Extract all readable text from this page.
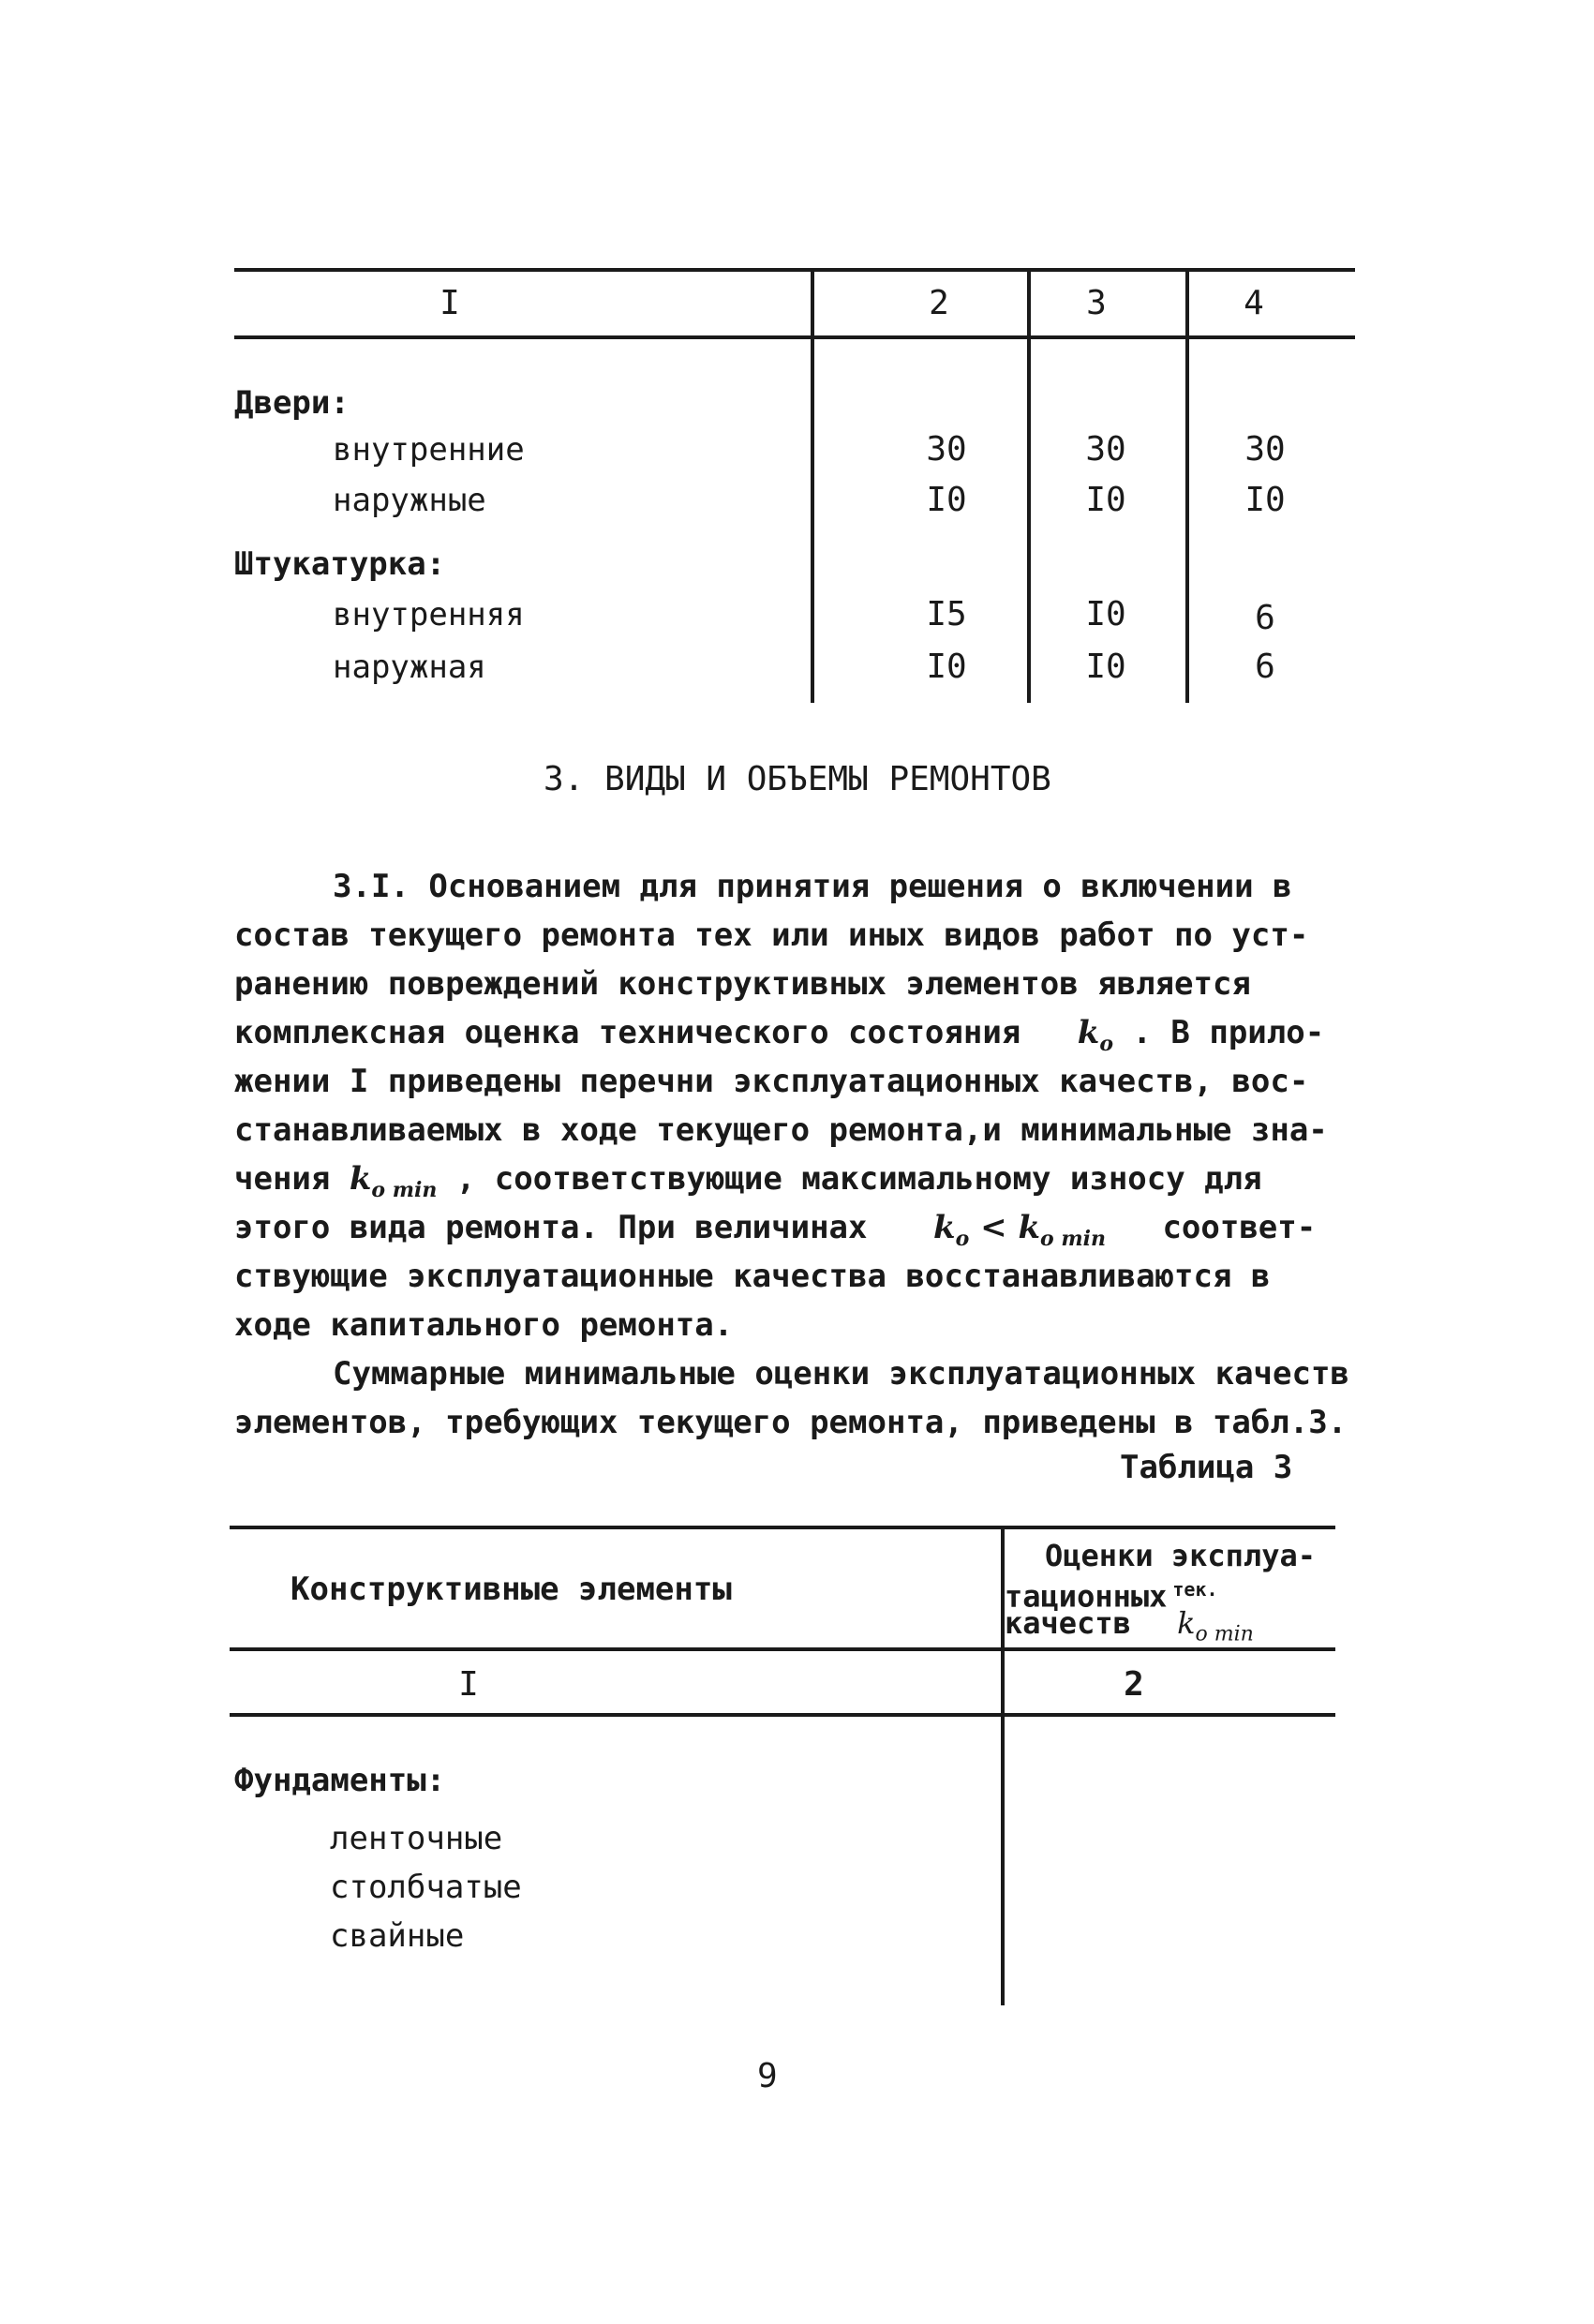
I	2	3	4
Двери:
внутренние	30	30	30
наружные	I0	I0	I0
Штукатурка:
внутренняя	I5	I0	6
наружная	I0	I0	6
3. ВИДЫ И ОБЪЕМЫ РЕМОНТОВ
3.I. Основанием для принятия решения о включении в
состав текущего ремонта тех или иных видов работ по уст-
ранению повреждений конструктивных элементов является
комплексная оценка технического состояния $k_o$ . В прило-
жении I приведены перечни эксплуатационных качеств, вос-
станавливаемых в ходе текущего ремонта,и минимальные зна-
чения $k_{o min}$ , соответствующие максимальному износу для
этого вида ремонта. При величинах $k_o < k_{o min}$ соответ-
ствующие эксплуатационные качества восстанавливаются в
ходе капитального ремонта.
Суммарные минимальные оценки эксплуатационных качеств
элементов, требующих текущего ремонта, приведены в табл.3.
Таблица 3
Конструктивные элементы
Оценки эксплуа-
тационных $^{тек.}$
качеств $k_{o min}$
I	2
Фундаменты:
ленточные
столбчатые
свайные
9
